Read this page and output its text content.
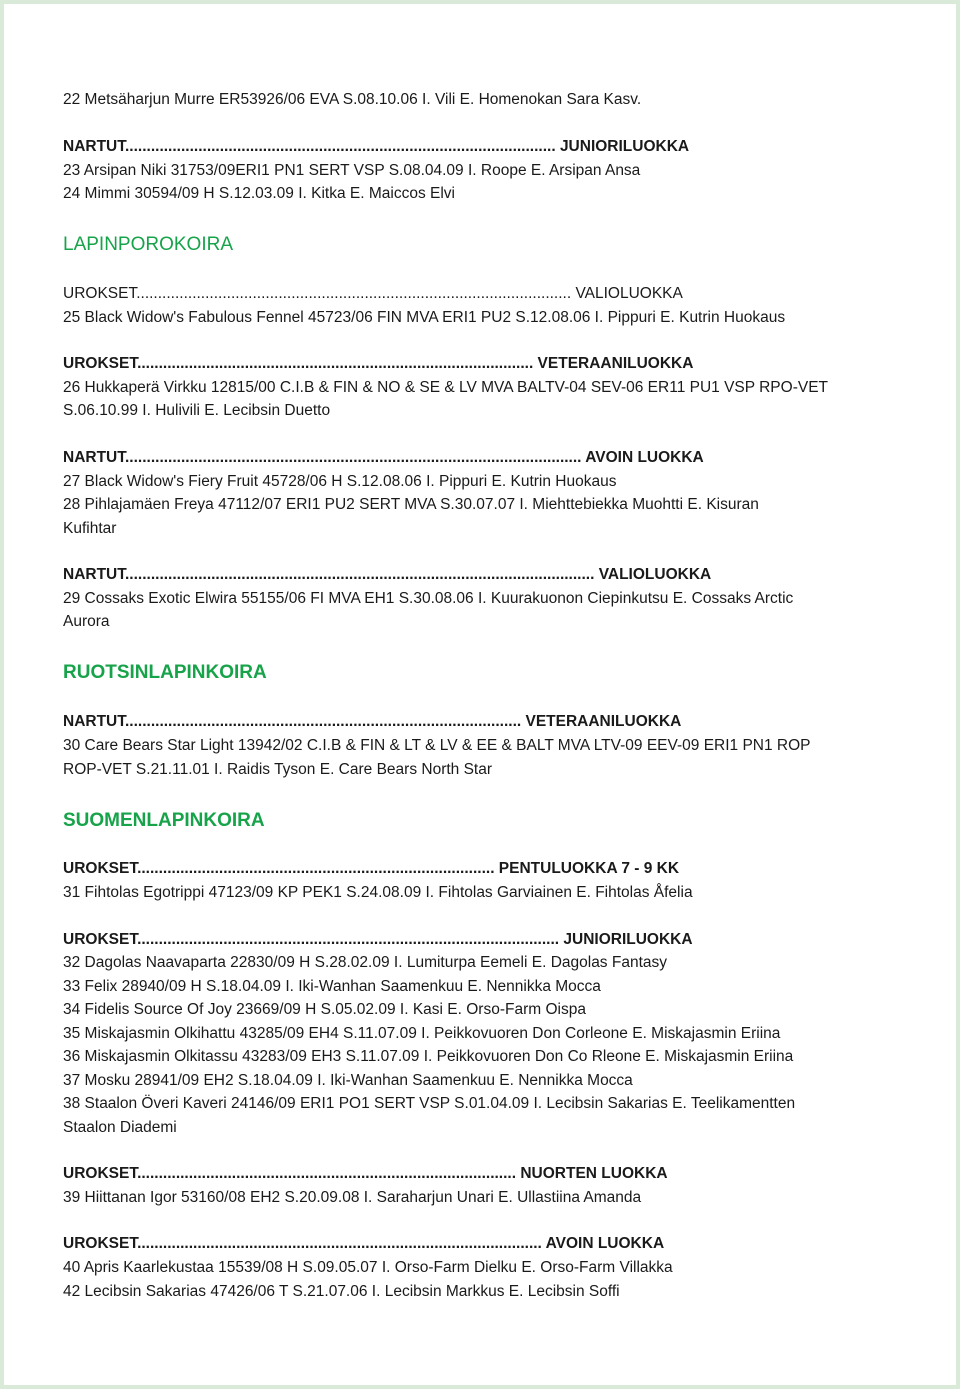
22 Metsäharjun Murre ER53926/06 EVA S.08.10.06 I. Vili E. Homenokan Sara Kasv.
NARTUT.................................................................................................... JUNIORILUOKKA
23 Arsipan Niki 31753/09ERI1 PN1 SERT VSP S.08.04.09 I. Roope E. Arsipan Ansa
24 Mimmi 30594/09 H S.12.03.09 I. Kitka E. Maiccos Elvi
LAPINPOROKOIRA
UROKSET..................................................................................................... VALIOLUOKKA
25 Black Widow's Fabulous Fennel 45723/06 FIN MVA ERI1 PU2 S.12.08.06 I. Pippuri E. Kutrin Huokaus
UROKSET............................................................................................ VETERAANILUOKKA
26 Hukkaperä Virkku 12815/00 C.I.B & FIN & NO & SE & LV MVA BALTV-04 SEV-06 ER11 PU1 VSP RPO-VET
S.06.10.99 I. Hulivili E. Lecibsin Duetto
NARTUT.......................................................................................................... AVOIN LUOKKA
27 Black Widow's Fiery Fruit 45728/06 H S.12.08.06 I. Pippuri E. Kutrin Huokaus
28 Pihlajamäen Freya 47112/07 ERI1 PU2 SERT MVA S.30.07.07 I. Miehttebiekka Muohtti E. Kisuran
Kufihtar
NARTUT............................................................................................................. VALIOLUOKKA
29 Cossaks Exotic Elwira 55155/06 FI MVA EH1 S.30.08.06 I. Kuurakuonon Ciepinkutsu E. Cossaks Arctic
Aurora
RUOTSINLAPINKOIRA
NARTUT............................................................................................ VETERAANILUOKKA
30 Care Bears Star Light 13942/02 C.I.B & FIN & LT & LV & EE & BALT MVA LTV-09 EEV-09 ERI1 PN1 ROP
ROP-VET S.21.11.01 I. Raidis Tyson E. Care Bears North Star
SUOMENLAPINKOIRA
UROKSET................................................................................... PENTULUOKKA 7 - 9 KK
31 Fihtolas Egotrippi 47123/09 KP PEK1 S.24.08.09 I. Fihtolas Garviainen E. Fihtolas Åfelia
UROKSET.................................................................................................. JUNIORILUOKKA
32 Dagolas Naavaparta 22830/09 H S.28.02.09 I. Lumiturpa Eemeli E. Dagolas Fantasy
33 Felix 28940/09 H S.18.04.09 I. Iki-Wanhan Saamenkuu E. Nennikka Mocca
34 Fidelis Source Of Joy 23669/09 H S.05.02.09 I. Kasi E. Orso-Farm Oispa
35 Miskajasmin Olkihattu 43285/09 EH4 S.11.07.09 I. Peikkovuoren Don Corleone E. Miskajasmin Eriina
36 Miskajasmin Olkitassu 43283/09 EH3 S.11.07.09 I. Peikkovuoren Don Co Rleone E. Miskajasmin Eriina
37 Mosku 28941/09 EH2 S.18.04.09 I. Iki-Wanhan Saamenkuu E. Nennikka Mocca
38 Staalon Överi Kaveri 24146/09 ERI1 PO1 SERT VSP S.01.04.09 I. Lecibsin Sakarias E. Teelikamentten
Staalon Diademi
UROKSET........................................................................................ NUORTEN LUOKKA
39 Hiittanan Igor 53160/08 EH2 S.20.09.08 I. Saraharjun Unari E. Ullastiina Amanda
UROKSET.............................................................................................. AVOIN LUOKKA
40 Apris Kaarlekustaa 15539/08 H S.09.05.07 I. Orso-Farm Dielku E. Orso-Farm Villakka
42 Lecibsin Sakarias 47426/06 T S.21.07.06 I. Lecibsin Markkus E. Lecibsin Soffi
